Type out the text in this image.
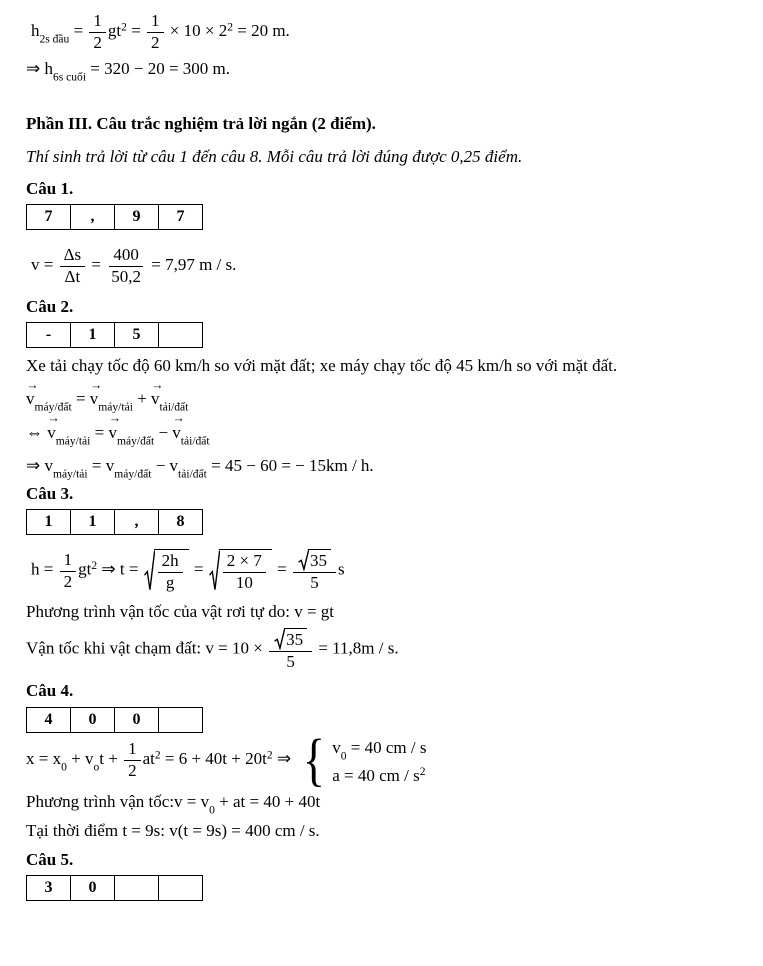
$h_{2s đầu} = \frac{1}{2} gt^2 = \frac{1}{2} \times 10 \times 2^2 = 20$ m.
⇒ $h_{6s cuối} = 320 - 20 = 300$ m.
Phần III. Câu trắc nghiệm trả lời ngắn (2 điểm).

Thí sinh trả lời từ câu 1 đến câu 8. Mỗi câu trả lời đúng được 0,25 điểm.

Câu 1.

7	,	9	7
$v = \frac{\Delta s}{\Delta t} = \frac{400}{50,2} = 7,97$ m / s.

Câu 2.

-	1	5	

Xe tải chạy tốc độ 60 km/h so với mặt đất; xe máy chạy tốc độ 45 km/h so với mặt đất.

→ $v_{máy/đất}$ = → $v_{máy/tải}$ + → $v_{tải/đất}$
⇔ → $v_{máy/tải}$ = → $v_{máy/đất}$ − → $v_{tải/đất}$
⇒ $v_{máy/tải} = v_{máy/đất} - v_{tải/đất} = 45 - 60$ = − 15km / h.

Câu 3.

1	1	,	8
$h = \frac{1}{2} gt^2$ ⇒ $t = \frac{2h}{g} = \frac{2 \times 7}{10} = \frac{35}{5}$ s
Phương trình vận tốc của vật rơi tự do: v = gt
Vận tốc khi vật chạm đất: $v = 10 \times \frac{35}{5} = 11,8m / s$.

Câu 4.

4	0	0	
$x = x_0 + v_ot + \frac{1}{2} at^2 = 6 + 40t + 20t^2$ ⇒ { $v_0 = 40$ cm / s
a = 40 cm / $s^2$
Phương trình vận tốc:v = $v_0$ + at = 40 + 40t
Tại thời điểm t = 9s: v(t = 9s) = 400 cm / s.

Câu 5.

3	0		
